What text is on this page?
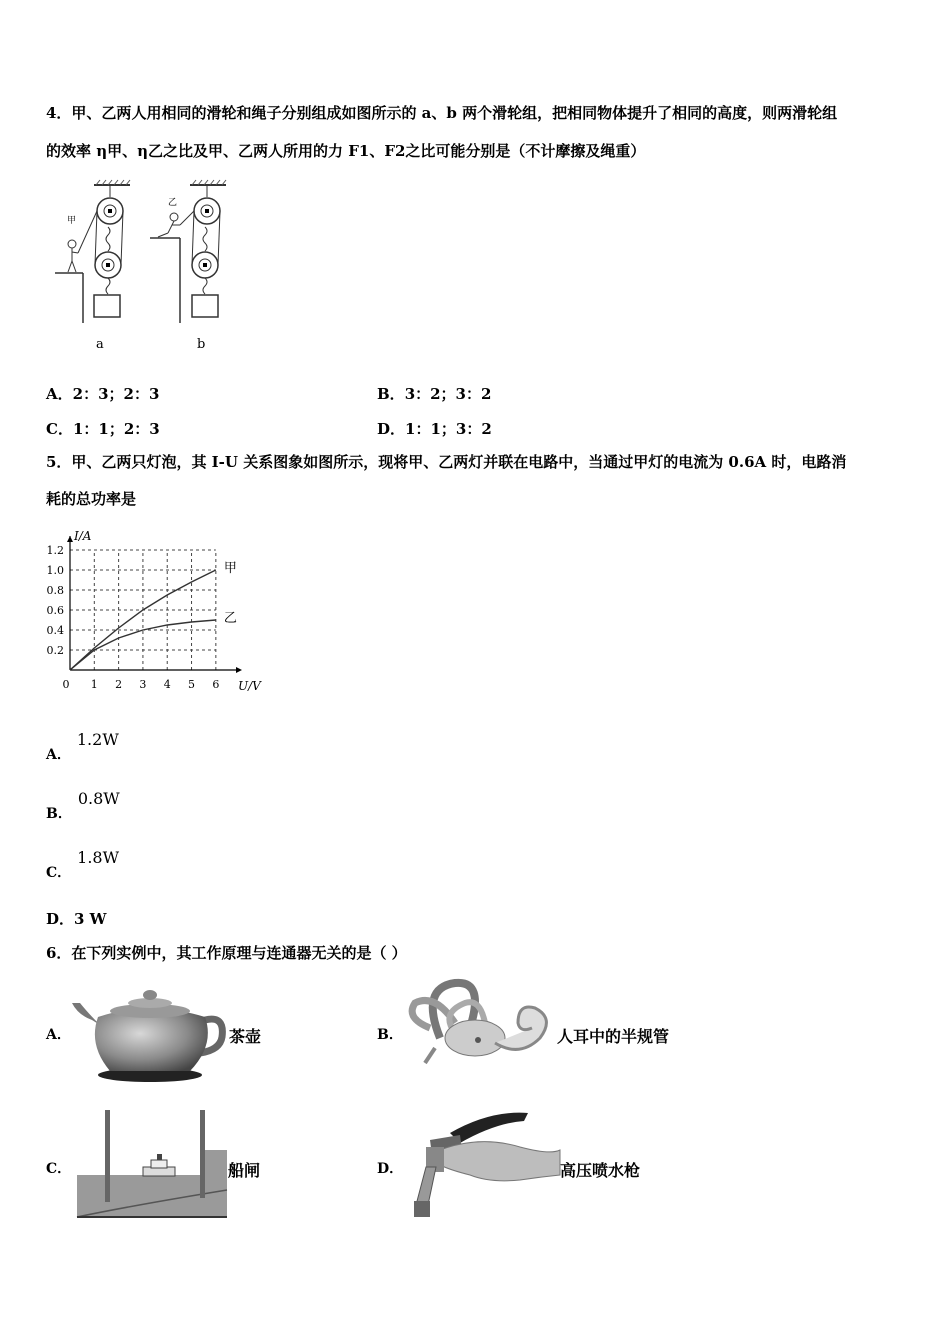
4．甲、乙两人用相同的滑轮和绳子分别组成如图所示的 a、b 两个滑轮组，把相同物体提升了相同的高度，则两滑轮组
的效率 η甲、η乙之比及甲、乙两人所用的力 F1、F2之比可能分别是（不计摩擦及绳重）
甲
a
乙
b
A．2：3；2：3	B．3：2；3：2
C．1：1；2：3	D．1：1；3：2
5．甲、乙两只灯泡，其 I-U 关系图象如图所示，现将甲、乙两灯并联在电路中，当通过甲灯的电流为 0.6A 时，电路消
耗的总功率是
0.2
0.4
0.6
0.8
1.0
1.2
0 1 2 3 4 5 6
I/A
U/V
甲
乙
A．1.2W
B．0.8W
C．1.8W
D．3 W
6．在下列实例中，其工作原理与连通器无关的是（ ）
A．	茶壶	B．	人耳中的半规管
C．	船闸	D．	高压喷水枪
